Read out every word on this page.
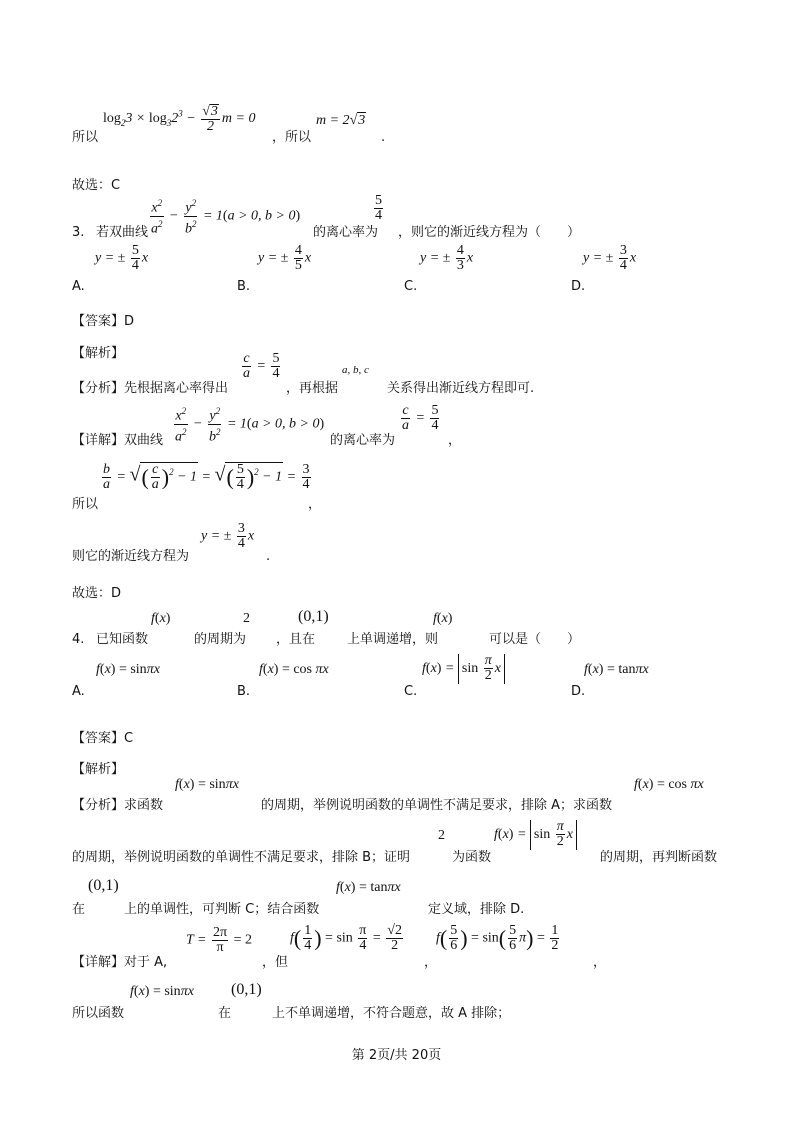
$\log_23 \times \log_32^3 - \frac{√3}{2}$ m = 0
所以	，所以
m = 2√3
.
故选：C
$\frac{x^2}{a^2} - \frac{y^2}{b^2} = 1(a > 0$, b > 0)
3. 若双曲线	的离心率为
$\frac{5}{4}$
，则它的渐近线方程为（　　）
y = ± $\frac{5}{4}$ x	y = ± $\frac{4}{5}$ x	y = ± $\frac{4}{3}$ x	y = ± $\frac{3}{4}$ x
A.	B.	C.	D.
【答案】D
【解析】
【分析】先根据离心率得出
$\frac{c}{a} = \frac{5}{4}$
，再根据
a, b, c
关系得出渐近线方程即可.
$\frac{x^2}{a^2} - \frac{y^2}{b^2} = 1(a > 0$, b > 0)
【详解】双曲线	的离心率为
$\frac{c}{a} = \frac{5}{4}$
，
$\frac{b}{a}$ = √( $\frac{c}{a} )^2 - 1$ = √( $\frac{5}{4} )^2 - 1 = \frac{3}{4}$
所以	，
y = ± $\frac{3}{4}$ x
则它的渐近线方程为	.
故选：D
f(x)	2	(0,1)	f(x)
4. 已知函数	的周期为 ，且在 上单调递增，则	可以是（　　）
f(x) = sinπx	f(x) = cos πx	$f(x) = \sin \frac{\pi}{2}$ x	f(x) = tanπx
A.	B.	C.	D.
【答案】C
【解析】
f(x) = sinπx	f(x) = cos πx
【分析】求函数	的周期，举例说明函数的单调性不满足要求，排除 A；求函数
2	$f(x) = \sin \frac{\pi}{2}$ x
的周期，举例说明函数的单调性不满足要求，排除 B；证明	为函数	的周期，再判断函数
(0,1)	f(x) = tanπx
在	上的单调性，可判断 C；结合函数	定义域，排除 D.
$T = \frac{2\pi}{\pi} = 2$	$f( \frac{1}{4}$ ) = $\sin \frac{\pi}{4} = \frac{√2}{2} f( \frac{5}{6}$ ) = $\sin( \frac{5}{6} \pi) = \frac{1}{2}$
【详解】对于 A,	，但	，	，
f(x) = sinπx (0,1)
所以函数	在	上不单调递增，不符合题意，故 A 排除；
第 2页/共 20页
